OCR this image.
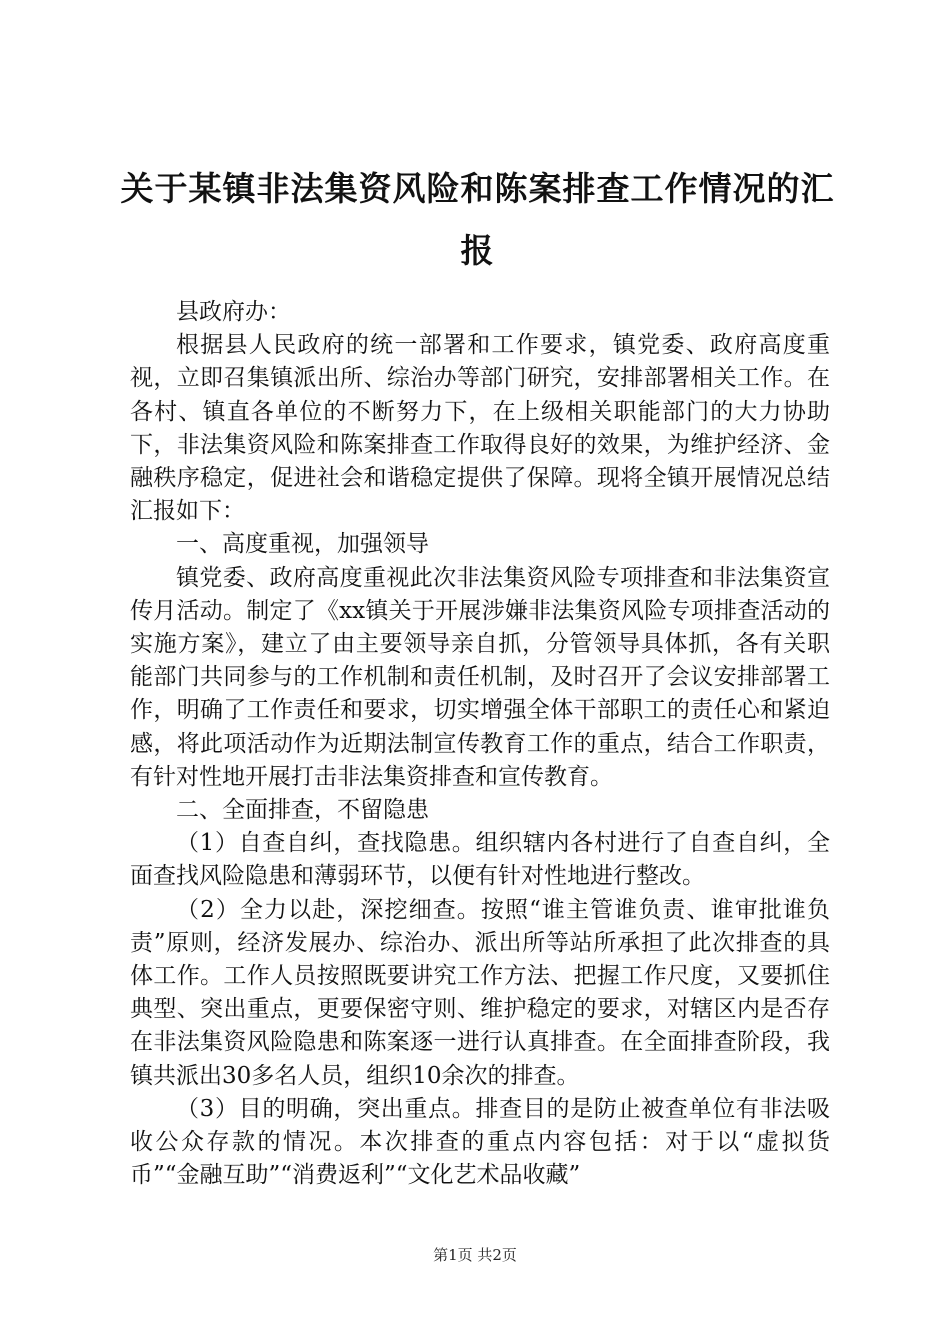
关于某镇非法集资风险和陈案排查工作情况的汇报

县政府办：

根据县人民政府的统一部署和工作要求，镇党委、政府高度重视，立即召集镇派出所、综治办等部门研究，安排部署相关工作。在各村、镇直各单位的不断努力下，在上级相关职能部门的大力协助下，非法集资风险和陈案排查工作取得良好的效果，为维护经济、金融秩序稳定，促进社会和谐稳定提供了保障。现将全镇开展情况总结汇报如下：

一、高度重视，加强领导

镇党委、政府高度重视此次非法集资风险专项排查和非法集资宣传月活动。制定了《xx镇关于开展涉嫌非法集资风险专项排查活动的实施方案》，建立了由主要领导亲自抓，分管领导具体抓，各有关职能部门共同参与的工作机制和责任机制，及时召开了会议安排部署工作，明确了工作责任和要求，切实增强全体干部职工的责任心和紧迫感，将此项活动作为近期法制宣传教育工作的重点，结合工作职责，有针对性地开展打击非法集资排查和宣传教育。

二、全面排查，不留隐患

（1）自查自纠，查找隐患。组织辖内各村进行了自查自纠，全面查找风险隐患和薄弱环节，以便有针对性地进行整改。

（2）全力以赴，深挖细查。按照“谁主管谁负责、谁审批谁负责”原则，经济发展办、综治办、派出所等站所承担了此次排查的具体工作。工作人员按照既要讲究工作方法、把握工作尺度，又要抓住典型、突出重点，更要保密守则、维护稳定的要求，对辖区内是否存在非法集资风险隐患和陈案逐一进行认真排查。在全面排查阶段，我镇共派出30多名人员，组织10余次的排查。

（3）目的明确，突出重点。排查目的是防止被查单位有非法吸收公众存款的情况。本次排查的重点内容包括：对于以“虚拟货币”“金融互助”“消费返利”“文化艺术品收藏”

第1页 共2页
